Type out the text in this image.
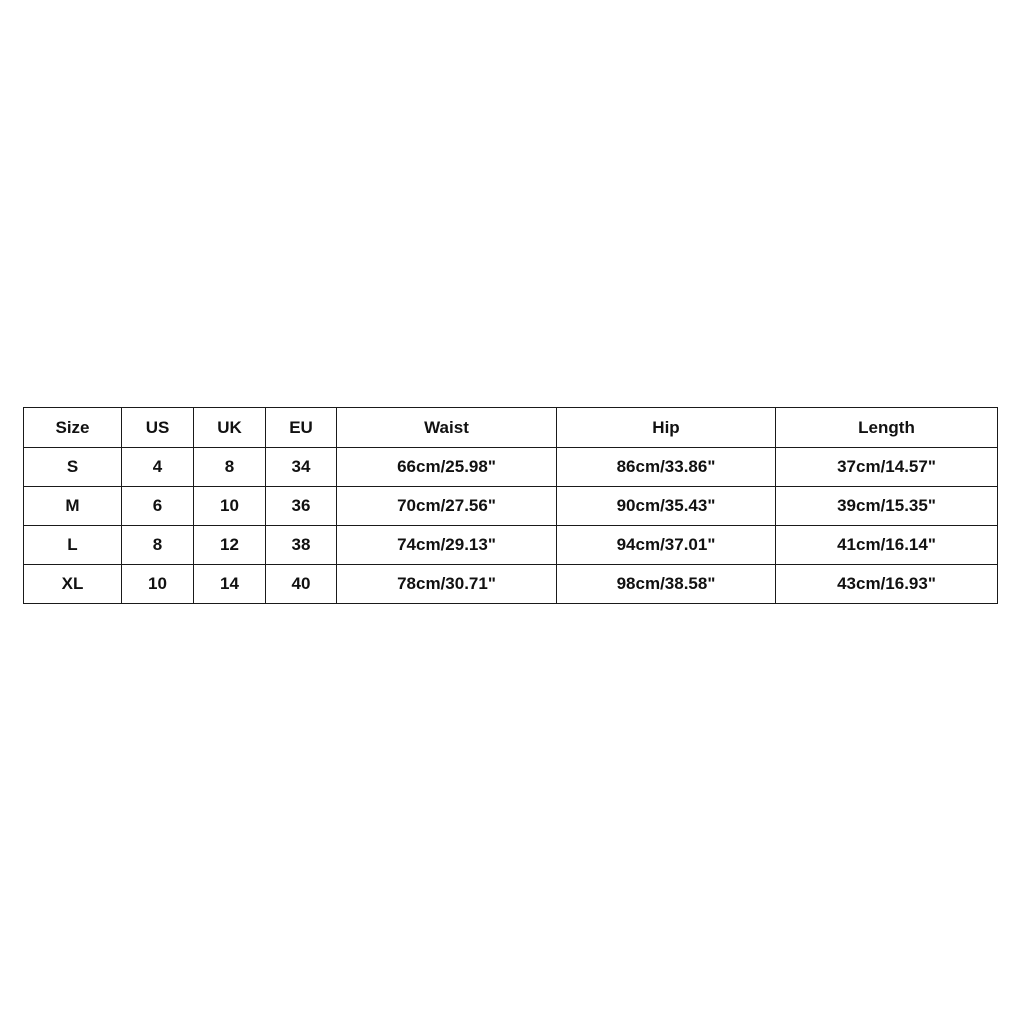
Size	US	UK	EU	Waist	Hip	Length
S	4	8	34	66cm/25.98"	86cm/33.86"	37cm/14.57"
M	6	10	36	70cm/27.56"	90cm/35.43"	39cm/15.35"
L	8	12	38	74cm/29.13"	94cm/37.01"	41cm/16.14"
XL	10	14	40	78cm/30.71"	98cm/38.58"	43cm/16.93"
